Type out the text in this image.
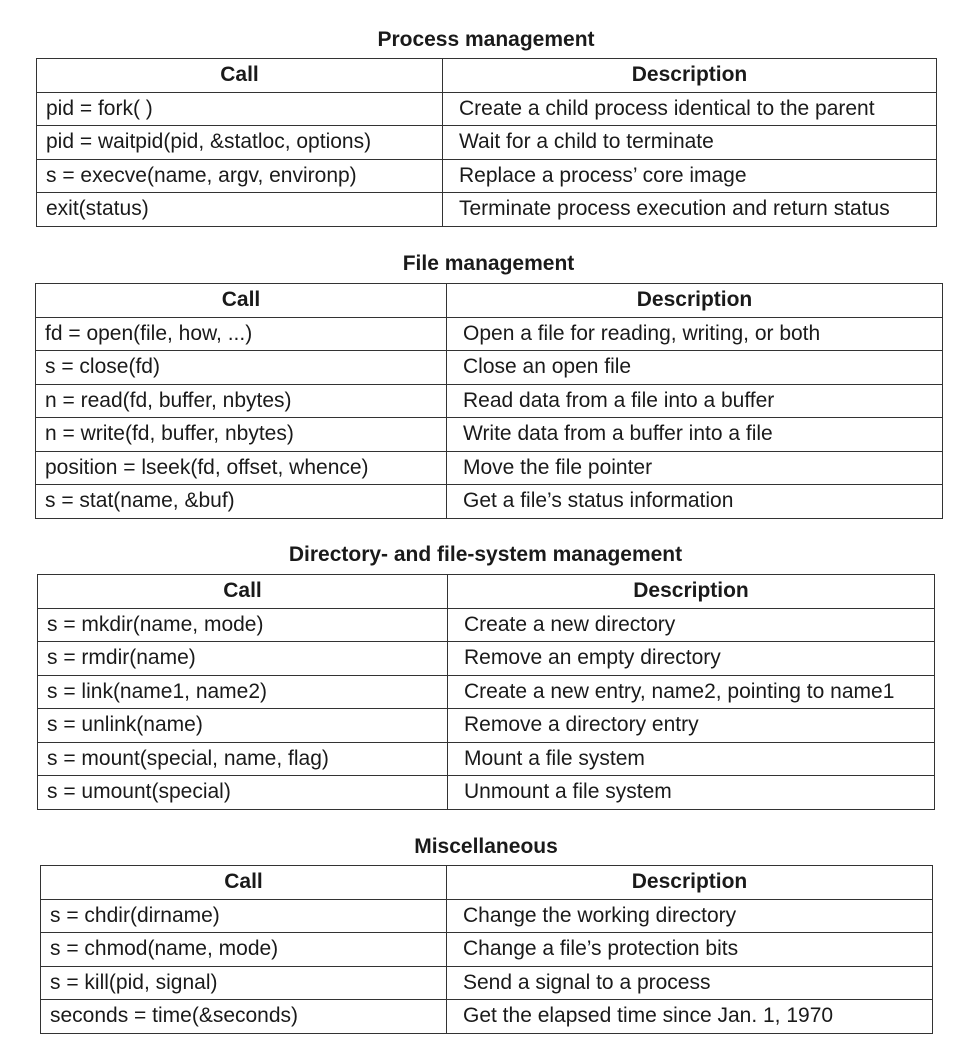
Process management
Call	Description
pid = fork( )	Create a child process identical to the parent
pid = waitpid(pid, &statloc, options)	Wait for a child to terminate
s = execve(name, argv, environp)	Replace a process’ core image
exit(status)	Terminate process execution and return status
File management
Call	Description
fd = open(file, how, ...)	Open a file for reading, writing, or both
s = close(fd)	Close an open file
n = read(fd, buffer, nbytes)	Read data from a file into a buffer
n = write(fd, buffer, nbytes)	Write data from a buffer into a file
position = lseek(fd, offset, whence)	Move the file pointer
s = stat(name, &buf)	Get a file’s status information
Directory- and file-system management
Call	Description
s = mkdir(name, mode)	Create a new directory
s = rmdir(name)	Remove an empty directory
s = link(name1, name2)	Create a new entry, name2, pointing to name1
s = unlink(name)	Remove a directory entry
s = mount(special, name, flag)	Mount a file system
s = umount(special)	Unmount a file system
Miscellaneous
Call	Description
s = chdir(dirname)	Change the working directory
s = chmod(name, mode)	Change a file’s protection bits
s = kill(pid, signal)	Send a signal to a process
seconds = time(&seconds)	Get the elapsed time since Jan. 1, 1970
